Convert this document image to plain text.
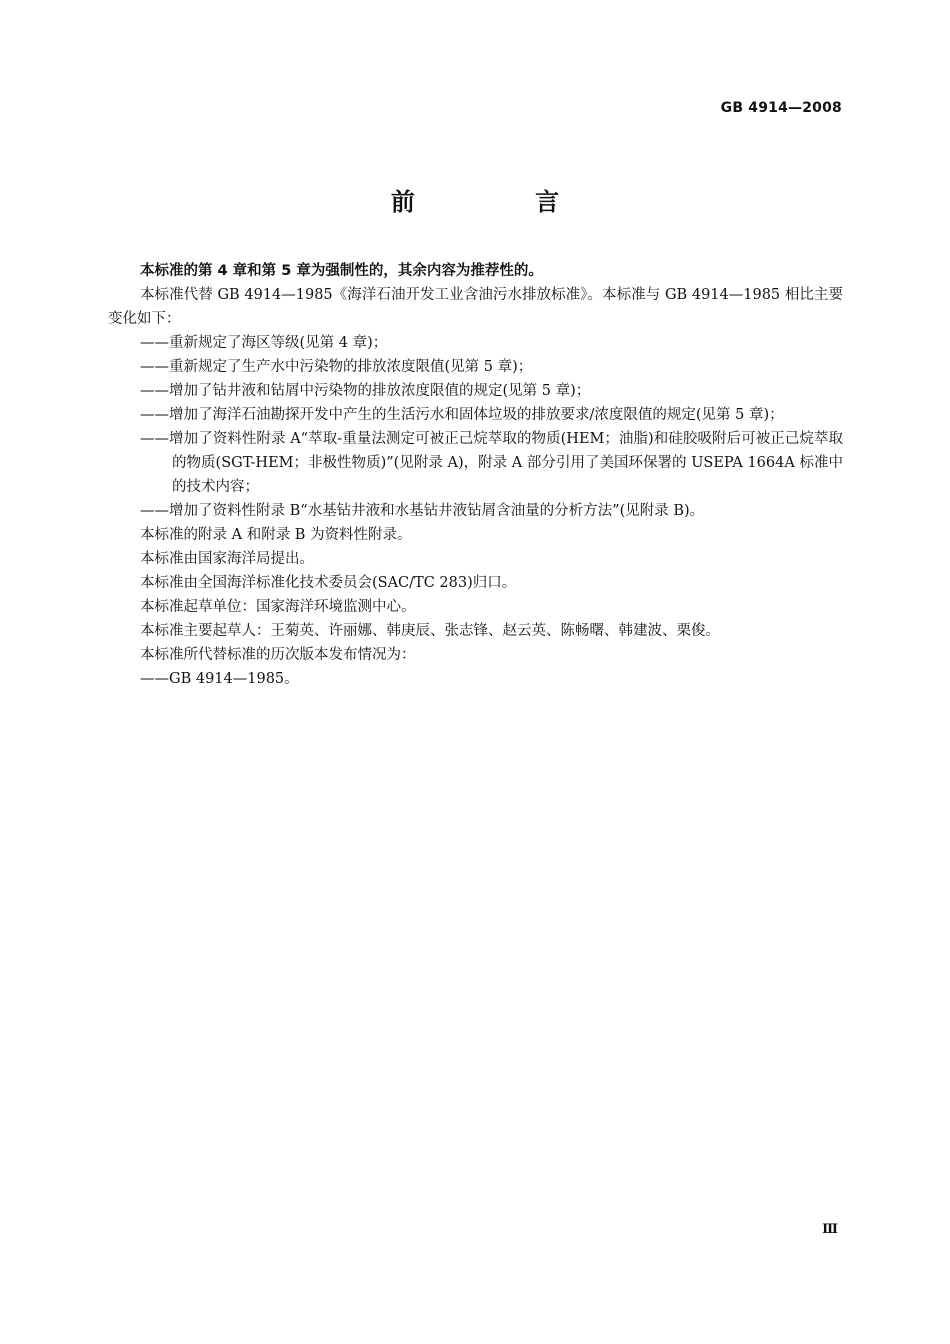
GB 4914—2008
前 言

本标准的第 4 章和第 5 章为强制性的，其余内容为推荐性的。

本标准代替 GB 4914—1985《海洋石油开发工业含油污水排放标准》。本标准与 GB 4914—1985 相比主要变化如下：

——重新规定了海区等级(见第 4 章)；

——重新规定了生产水中污染物的排放浓度限值(见第 5 章)；

——增加了钻井液和钻屑中污染物的排放浓度限值的规定(见第 5 章)；

——增加了海洋石油勘探开发中产生的生活污水和固体垃圾的排放要求/浓度限值的规定(见第 5 章)；

——增加了资料性附录 A“萃取-重量法测定可被正己烷萃取的物质(HEM；油脂)和硅胶吸附后可被正己烷萃取的物质(SGT-HEM；非极性物质)”(见附录 A)，附录 A 部分引用了美国环保署的 USEPA 1664A 标准中的技术内容；

——增加了资料性附录 B“水基钻井液和水基钻井液钻屑含油量的分析方法”(见附录 B)。

本标准的附录 A 和附录 B 为资料性附录。

本标准由国家海洋局提出。

本标准由全国海洋标准化技术委员会(SAC/TC 283)归口。

本标准起草单位：国家海洋环境监测中心。

本标准主要起草人：王菊英、许丽娜、韩庚辰、张志锋、赵云英、陈畅曙、韩建波、栗俊。

本标准所代替标准的历次版本发布情况为：

——GB 4914—1985。

Ⅲ
